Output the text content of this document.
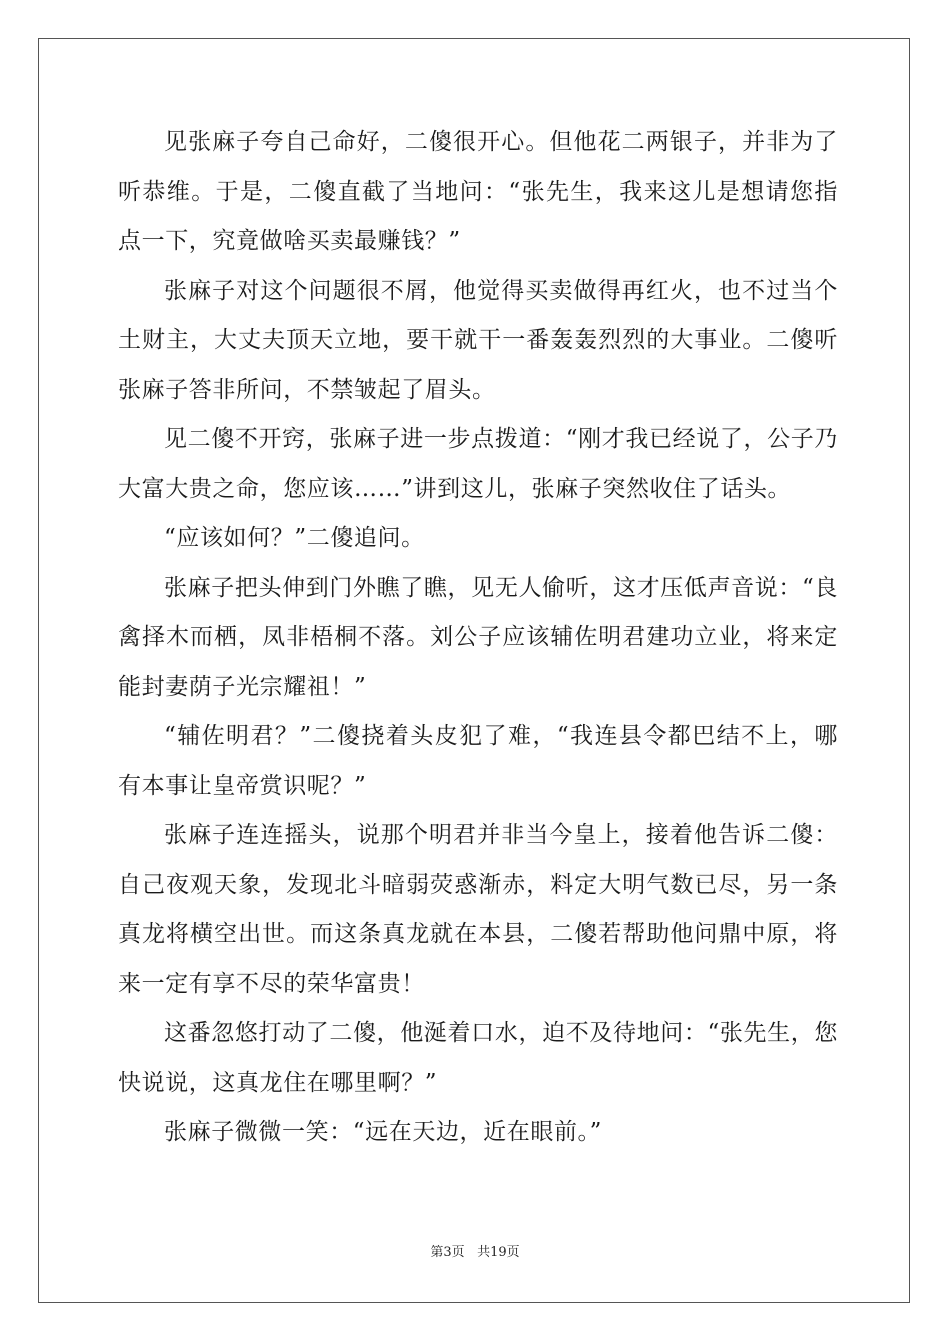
见张麻子夸自己命好，二傻很开心。但他花二两银子，并非为了听恭维。于是，二傻直截了当地问：“张先生，我来这儿是想请您指点一下，究竟做啥买卖最赚钱？”

张麻子对这个问题很不屑，他觉得买卖做得再红火，也不过当个土财主，大丈夫顶天立地，要干就干一番轰轰烈烈的大事业。二傻听张麻子答非所问，不禁皱起了眉头。

见二傻不开窍，张麻子进一步点拨道：“刚才我已经说了，公子乃大富大贵之命，您应该……”讲到这儿，张麻子突然收住了话头。

“应该如何？”二傻追问。

张麻子把头伸到门外瞧了瞧，见无人偷听，这才压低声音说：“良禽择木而栖，凤非梧桐不落。刘公子应该辅佐明君建功立业，将来定能封妻荫子光宗耀祖！”

“辅佐明君？”二傻挠着头皮犯了难，“我连县令都巴结不上，哪有本事让皇帝赏识呢？”

张麻子连连摇头，说那个明君并非当今皇上，接着他告诉二傻：自己夜观天象，发现北斗暗弱荧惑渐赤，料定大明气数已尽，另一条真龙将横空出世。而这条真龙就在本县，二傻若帮助他问鼎中原，将来一定有享不尽的荣华富贵！

这番忽悠打动了二傻，他涎着口水，迫不及待地问：“张先生，您快说说，这真龙住在哪里啊？”

张麻子微微一笑：“远在天边，近在眼前。”

第3页 共19页
